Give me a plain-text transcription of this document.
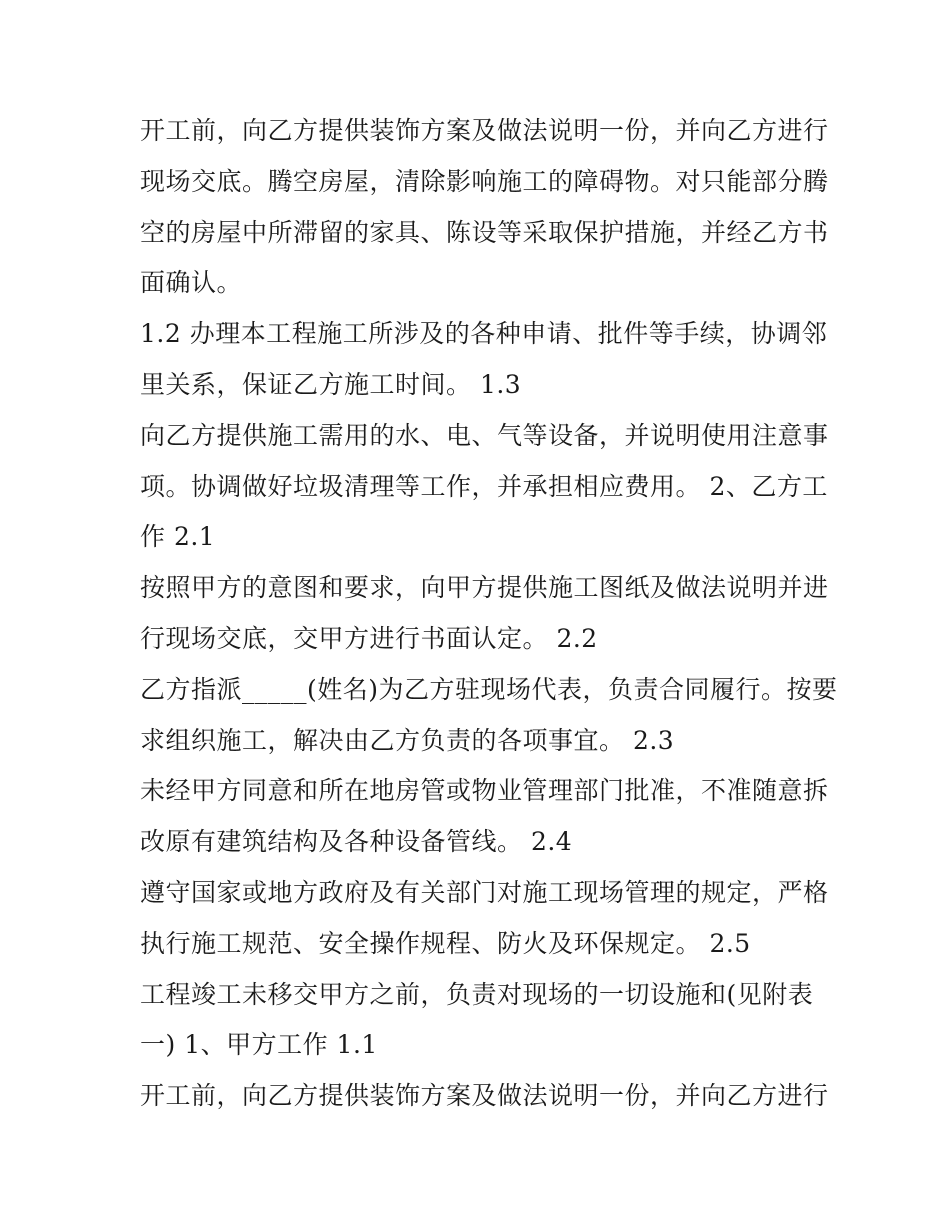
开工前，向乙方提供装饰方案及做法说明一份，并向乙方进行
现场交底。腾空房屋，清除影响施工的障碍物。对只能部分腾
空的房屋中所滞留的家具、陈设等采取保护措施，并经乙方书
面确认。
1.2 办理本工程施工所涉及的各种申请、批件等手续，协调邻
里关系，保证乙方施工时间。 1.3
向乙方提供施工需用的水、电、气等设备，并说明使用注意事
项。协调做好垃圾清理等工作，并承担相应费用。 2、乙方工
作 2.1
按照甲方的意图和要求，向甲方提供施工图纸及做法说明并进
行现场交底，交甲方进行书面认定。 2.2
乙方指派_____(姓名)为乙方驻现场代表，负责合同履行。按要
求组织施工，解决由乙方负责的各项事宜。 2.3
未经甲方同意和所在地房管或物业管理部门批准，不准随意拆
改原有建筑结构及各种设备管线。 2.4
遵守国家或地方政府及有关部门对施工现场管理的规定，严格
执行施工规范、安全操作规程、防火及环保规定。 2.5
工程竣工未移交甲方之前，负责对现场的一切设施和(见附表
一) 1、甲方工作 1.1
开工前，向乙方提供装饰方案及做法说明一份，并向乙方进行
